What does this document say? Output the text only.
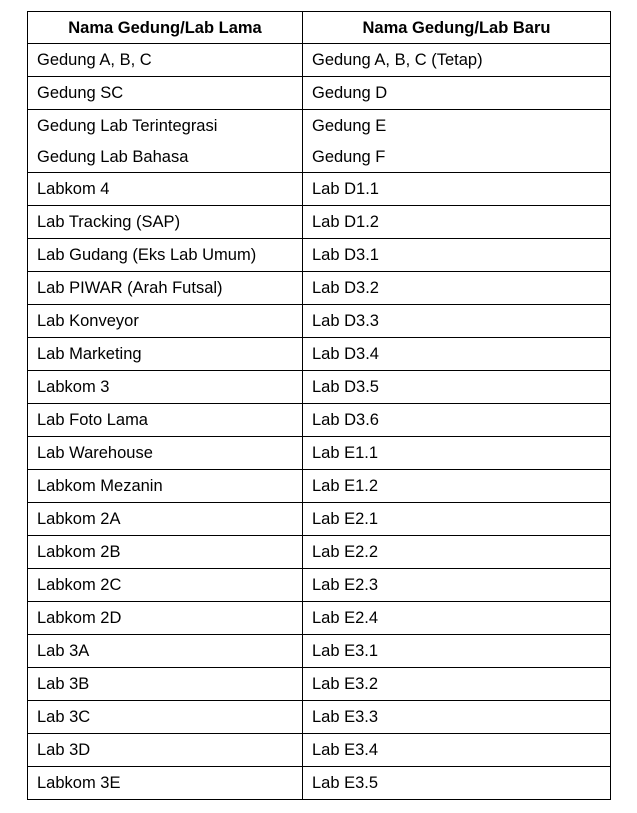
Nama Gedung/Lab Lama	Nama Gedung/Lab Baru
Gedung A, B, C	Gedung A, B, C (Tetap)
Gedung SC	Gedung D
Gedung Lab Terintegrasi	Gedung E
Gedung Lab Bahasa	Gedung F
Labkom 4	Lab D1.1
Lab Tracking (SAP)	Lab D1.2
Lab Gudang (Eks Lab Umum)	Lab D3.1
Lab PIWAR (Arah Futsal)	Lab D3.2
Lab Konveyor	Lab D3.3
Lab Marketing	Lab D3.4
Labkom 3	Lab D3.5
Lab Foto Lama	Lab D3.6
Lab Warehouse	Lab E1.1
Labkom Mezanin	Lab E1.2
Labkom 2A	Lab E2.1
Labkom 2B	Lab E2.2
Labkom 2C	Lab E2.3
Labkom 2D	Lab E2.4
Lab 3A	Lab E3.1
Lab 3B	Lab E3.2
Lab 3C	Lab E3.3
Lab 3D	Lab E3.4
Labkom 3E	Lab E3.5
